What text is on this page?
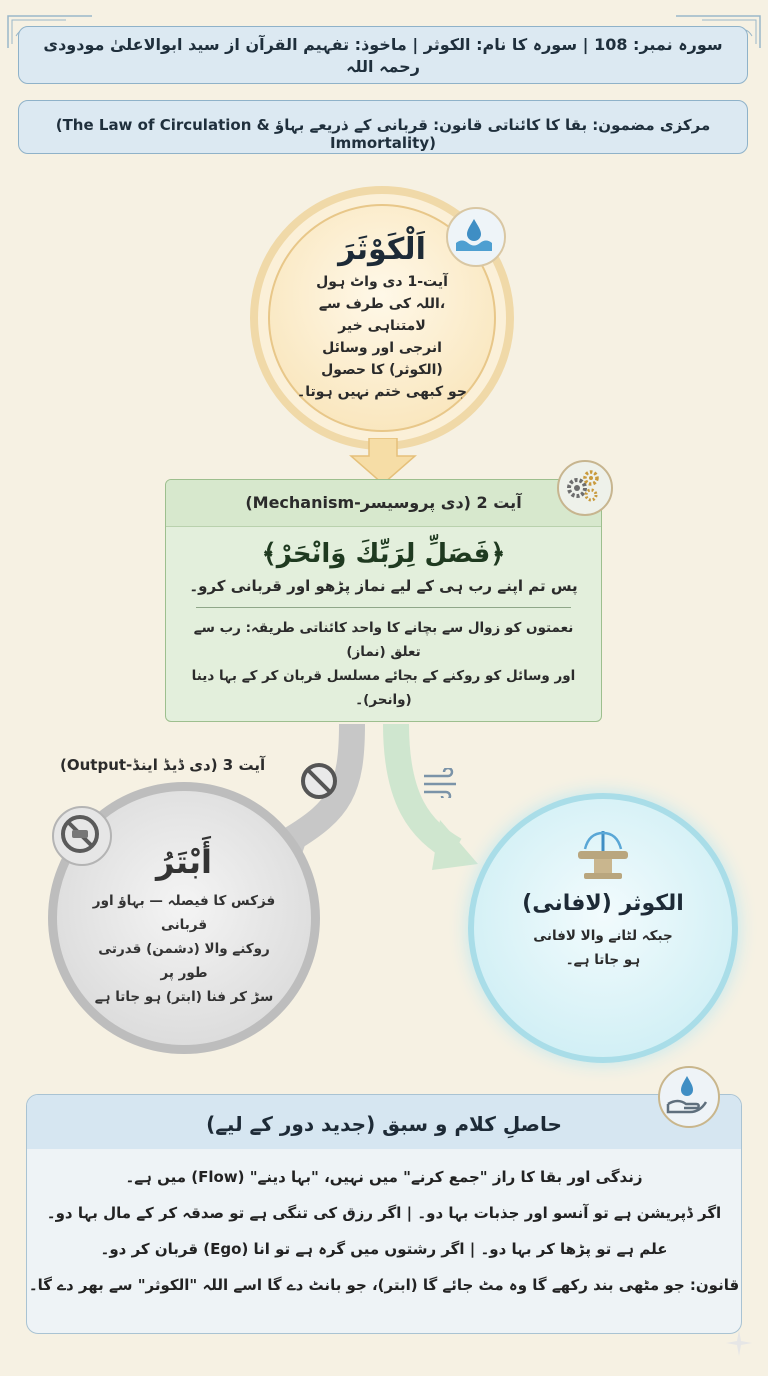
سورہ نمبر: 108 | سورہ کا نام: الکوثر | ماخوذ: تفہیم القرآن از سید ابوالاعلیٰ مودودی رحمہ اللہ
مرکزی مضمون: بقا کا کائناتی قانون: قربانی کے ذریعے بہاؤ (The Law of Circulation & Immortality)
اَلْکَوْثَرَ
آیت-1 دی واٹ ہول
،اللہ کی طرف سے لامتناہی خیر
انرجی اور وسائل (الکوثر) کا حصول
جو کبھی ختم نہیں ہوتا۔
آیت 2 (دی پروسیسر-Mechanism)
﴿فَصَلِّ لِرَبِّكَ وَانْحَرْ﴾
پس تم اپنے رب ہی کے لیے نماز پڑھو اور قربانی کرو۔
نعمتوں کو زوال سے بچانے کا واحد کائناتی طریقہ: رب سے تعلق (نماز)
اور وسائل کو روکنے کے بجائے مسلسل قربان کر کے بہا دینا (وانحر)۔
آیت 3 (دی ڈیڈ اینڈ-Output)
أَبْتَرُ
فزکس کا فیصلہ — بہاؤ اور قربانی
روکنے والا (دشمن) قدرتی طور پر
سڑ کر فنا (ابتر) ہو جاتا ہے
الکوثر (لافانی)
جبکہ لٹانے والا لافانی
ہو جاتا ہے۔
حاصلِ کلام و سبق (جدید دور کے لیے)
زندگی اور بقا کا راز "جمع کرنے" میں نہیں، "بہا دینے" (Flow) میں ہے۔
اگر ڈپریشن ہے تو آنسو اور جذبات بہا دو۔ | اگر رزق کی تنگی ہے تو صدقہ کر کے مال بہا دو۔
علم ہے تو پڑھا کر بہا دو۔ | اگر رشتوں میں گرہ ہے تو انا (Ego) قربان کر دو۔
قانون: جو مٹھی بند رکھے گا وہ مٹ جائے گا (ابتر)، جو بانٹ دے گا اسے اللہ "الکوثر" سے بھر دے گا۔
